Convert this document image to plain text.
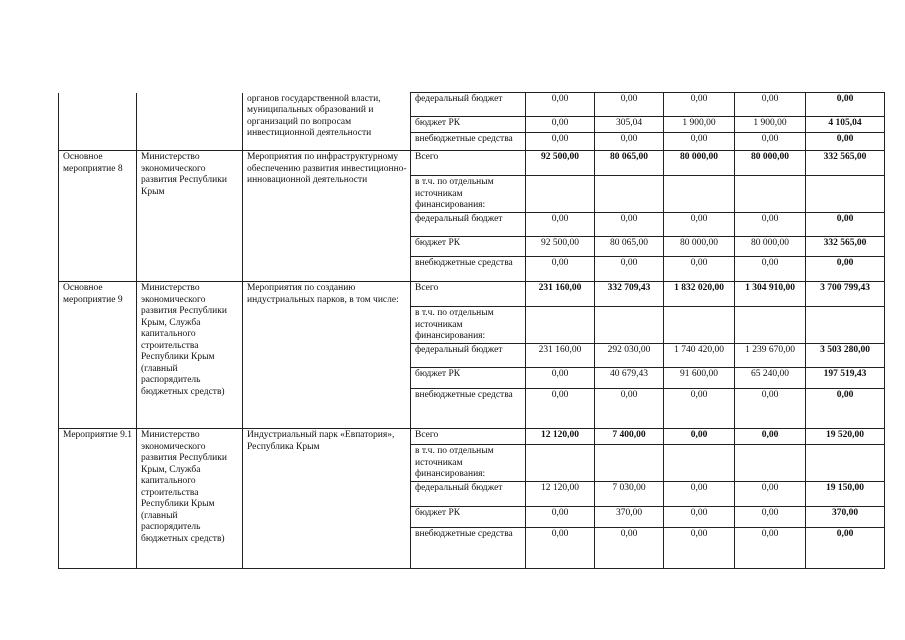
		органов государственной власти, муниципальных образований и организаций по вопросам инвестиционной деятельности	федеральный бюджет	0,00	0,00	0,00	0,00	0,00
			бюджет РК	0,00	305,04	1 900,00	1 900,00	4 105,04
			внебюджетные средства	0,00	0,00	0,00	0,00	0,00
Основное мероприятие 8	Министерство экономического развития Республики Крым	Мероприятия по инфраструктурному обеспечению развития инвестиционно-инновационной деятельности	Всего	92 500,00	80 065,00	80 000,00	80 000,00	332 565,00
			в т.ч. по отдельным источникам финансирования:					
			федеральный бюджет	0,00	0,00	0,00	0,00	0,00
			бюджет РК	92 500,00	80 065,00	80 000,00	80 000,00	332 565,00
			внебюджетные средства	0,00	0,00	0,00	0,00	0,00
Основное мероприятие 9	Министерство экономического развития Республики Крым, Служба капитального строительства Республики Крым (главный распорядитель бюджетных средств)	Мероприятия по созданию индустриальных парков, в том числе:	Всего	231 160,00	332 709,43	1 832 020,00	1 304 910,00	3 700 799,43
			в т.ч. по отдельным источникам финансирования:					
			федеральный бюджет	231 160,00	292 030,00	1 740 420,00	1 239 670,00	3 503 280,00
			бюджет РК	0,00	40 679,43	91 600,00	65 240,00	197 519,43
			внебюджетные средства	0,00	0,00	0,00	0,00	0,00
Мероприятие 9.1	Министерство экономического развития Республики Крым, Служба капитального строительства Республики Крым (главный распорядитель бюджетных средств)	Индустриальный парк «Евпатория», Республика Крым	Всего	12 120,00	7 400,00	0,00	0,00	19 520,00
			в т.ч. по отдельным источникам финансирования:					
			федеральный бюджет	12 120,00	7 030,00	0,00	0,00	19 150,00
			бюджет РК	0,00	370,00	0,00	0,00	370,00
			внебюджетные средства	0,00	0,00	0,00	0,00	0,00
